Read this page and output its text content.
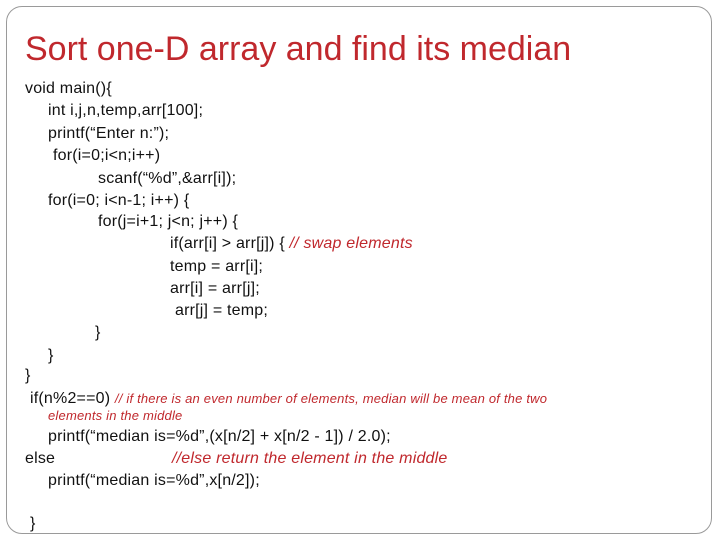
Sort one-D array and find its median
void main(){
int i,j,n,temp,arr[100];
printf(“Enter n:”);
for(i=0;i<n;i++)
scanf(“%d”,&arr[i]);
for(i=0; i<n-1; i++) {
for(j=i+1; j<n; j++) {
if(arr[i] > arr[j]) { // swap elements
temp = arr[i];
arr[i] = arr[j];
arr[j] = temp;
}
}
}
if(n%2==0) // if there is an even number of elements, median will be mean of the two
elements in the middle
printf(“median is=%d”,(x[n/2] + x[n/2 - 1]) / 2.0);
else	//else return the element in the middle
printf(“median is=%d”,x[n/2]);
}
